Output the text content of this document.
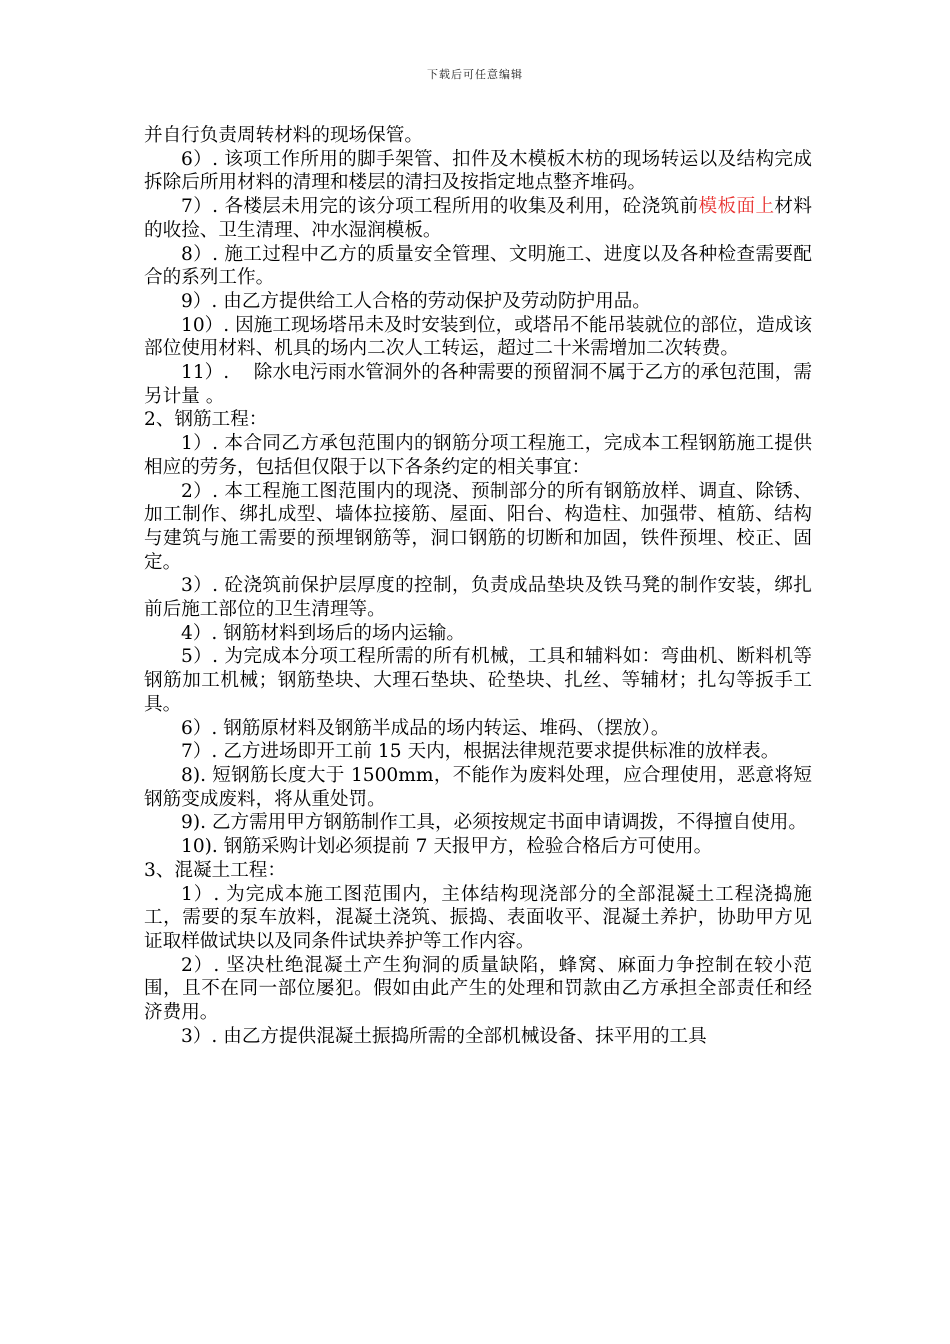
下载后可任意编辑

并自行负责周转材料的现场保管。

6）. 该项工作所用的脚手架管、扣件及木模板木枋的现场转运以及结构完成拆除后所用材料的清理和楼层的清扫及按指定地点整齐堆码。

7）. 各楼层未用完的该分项工程所用的收集及利用，砼浇筑前模板面上材料的收捡、卫生清理、冲水湿润模板。

8）. 施工过程中乙方的质量安全管理、文明施工、进度以及各种检查需要配合的系列工作。

9）. 由乙方提供给工人合格的劳动保护及劳动防护用品。

10）. 因施工现场塔吊未及时安装到位，或塔吊不能吊装就位的部位，造成该部位使用材料、机具的场内二次人工转运，超过二十米需增加二次转费。

11）.　 除水电污雨水管洞外的各种需要的预留洞不属于乙方的承包范围，需另计量 。

2、钢筋工程：

1）. 本合同乙方承包范围内的钢筋分项工程施工，完成本工程钢筋施工提供相应的劳务，包括但仅限于以下各条约定的相关事宜：

2）. 本工程施工图范围内的现浇、预制部分的所有钢筋放样、调直、除锈、加工制作、绑扎成型、墙体拉接筋、屋面、阳台、构造柱、加强带、植筋、结构与建筑与施工需要的预埋钢筋等，洞口钢筋的切断和加固，铁件预埋、校正、固定。

3）. 砼浇筑前保护层厚度的控制，负责成品垫块及铁马凳的制作安装，绑扎前后施工部位的卫生清理等。

4）. 钢筋材料到场后的场内运输。

5）. 为完成本分项工程所需的所有机械，工具和辅料如：弯曲机、断料机等钢筋加工机械；钢筋垫块、大理石垫块、砼垫块、扎丝、等辅材；扎勾等扳手工具。

6）. 钢筋原材料及钢筋半成品的场内转运、堆码、（摆放）。

7）. 乙方进场即开工前 15 天内，根据法律规范要求提供标准的放样表。

8). 短钢筋长度大于 1500mm，不能作为废料处理，应合理使用，恶意将短钢筋变成废料，将从重处罚。

9). 乙方需用甲方钢筋制作工具，必须按规定书面申请调拨，不得擅自使用。

10). 钢筋采购计划必须提前 7 天报甲方，检验合格后方可使用。

3、混凝土工程：

1）. 为完成本施工图范围内，主体结构现浇部分的全部混凝土工程浇捣施工，需要的泵车放料，混凝土浇筑、振捣、表面收平、混凝土养护，协助甲方见证取样做试块以及同条件试块养护等工作内容。

2）. 坚决杜绝混凝土产生狗洞的质量缺陷，蜂窝、麻面力争控制在较小范围，且不在同一部位屡犯。假如由此产生的处理和罚款由乙方承担全部责任和经济费用。

3）. 由乙方提供混凝土振捣所需的全部机械设备、抹平用的工具
